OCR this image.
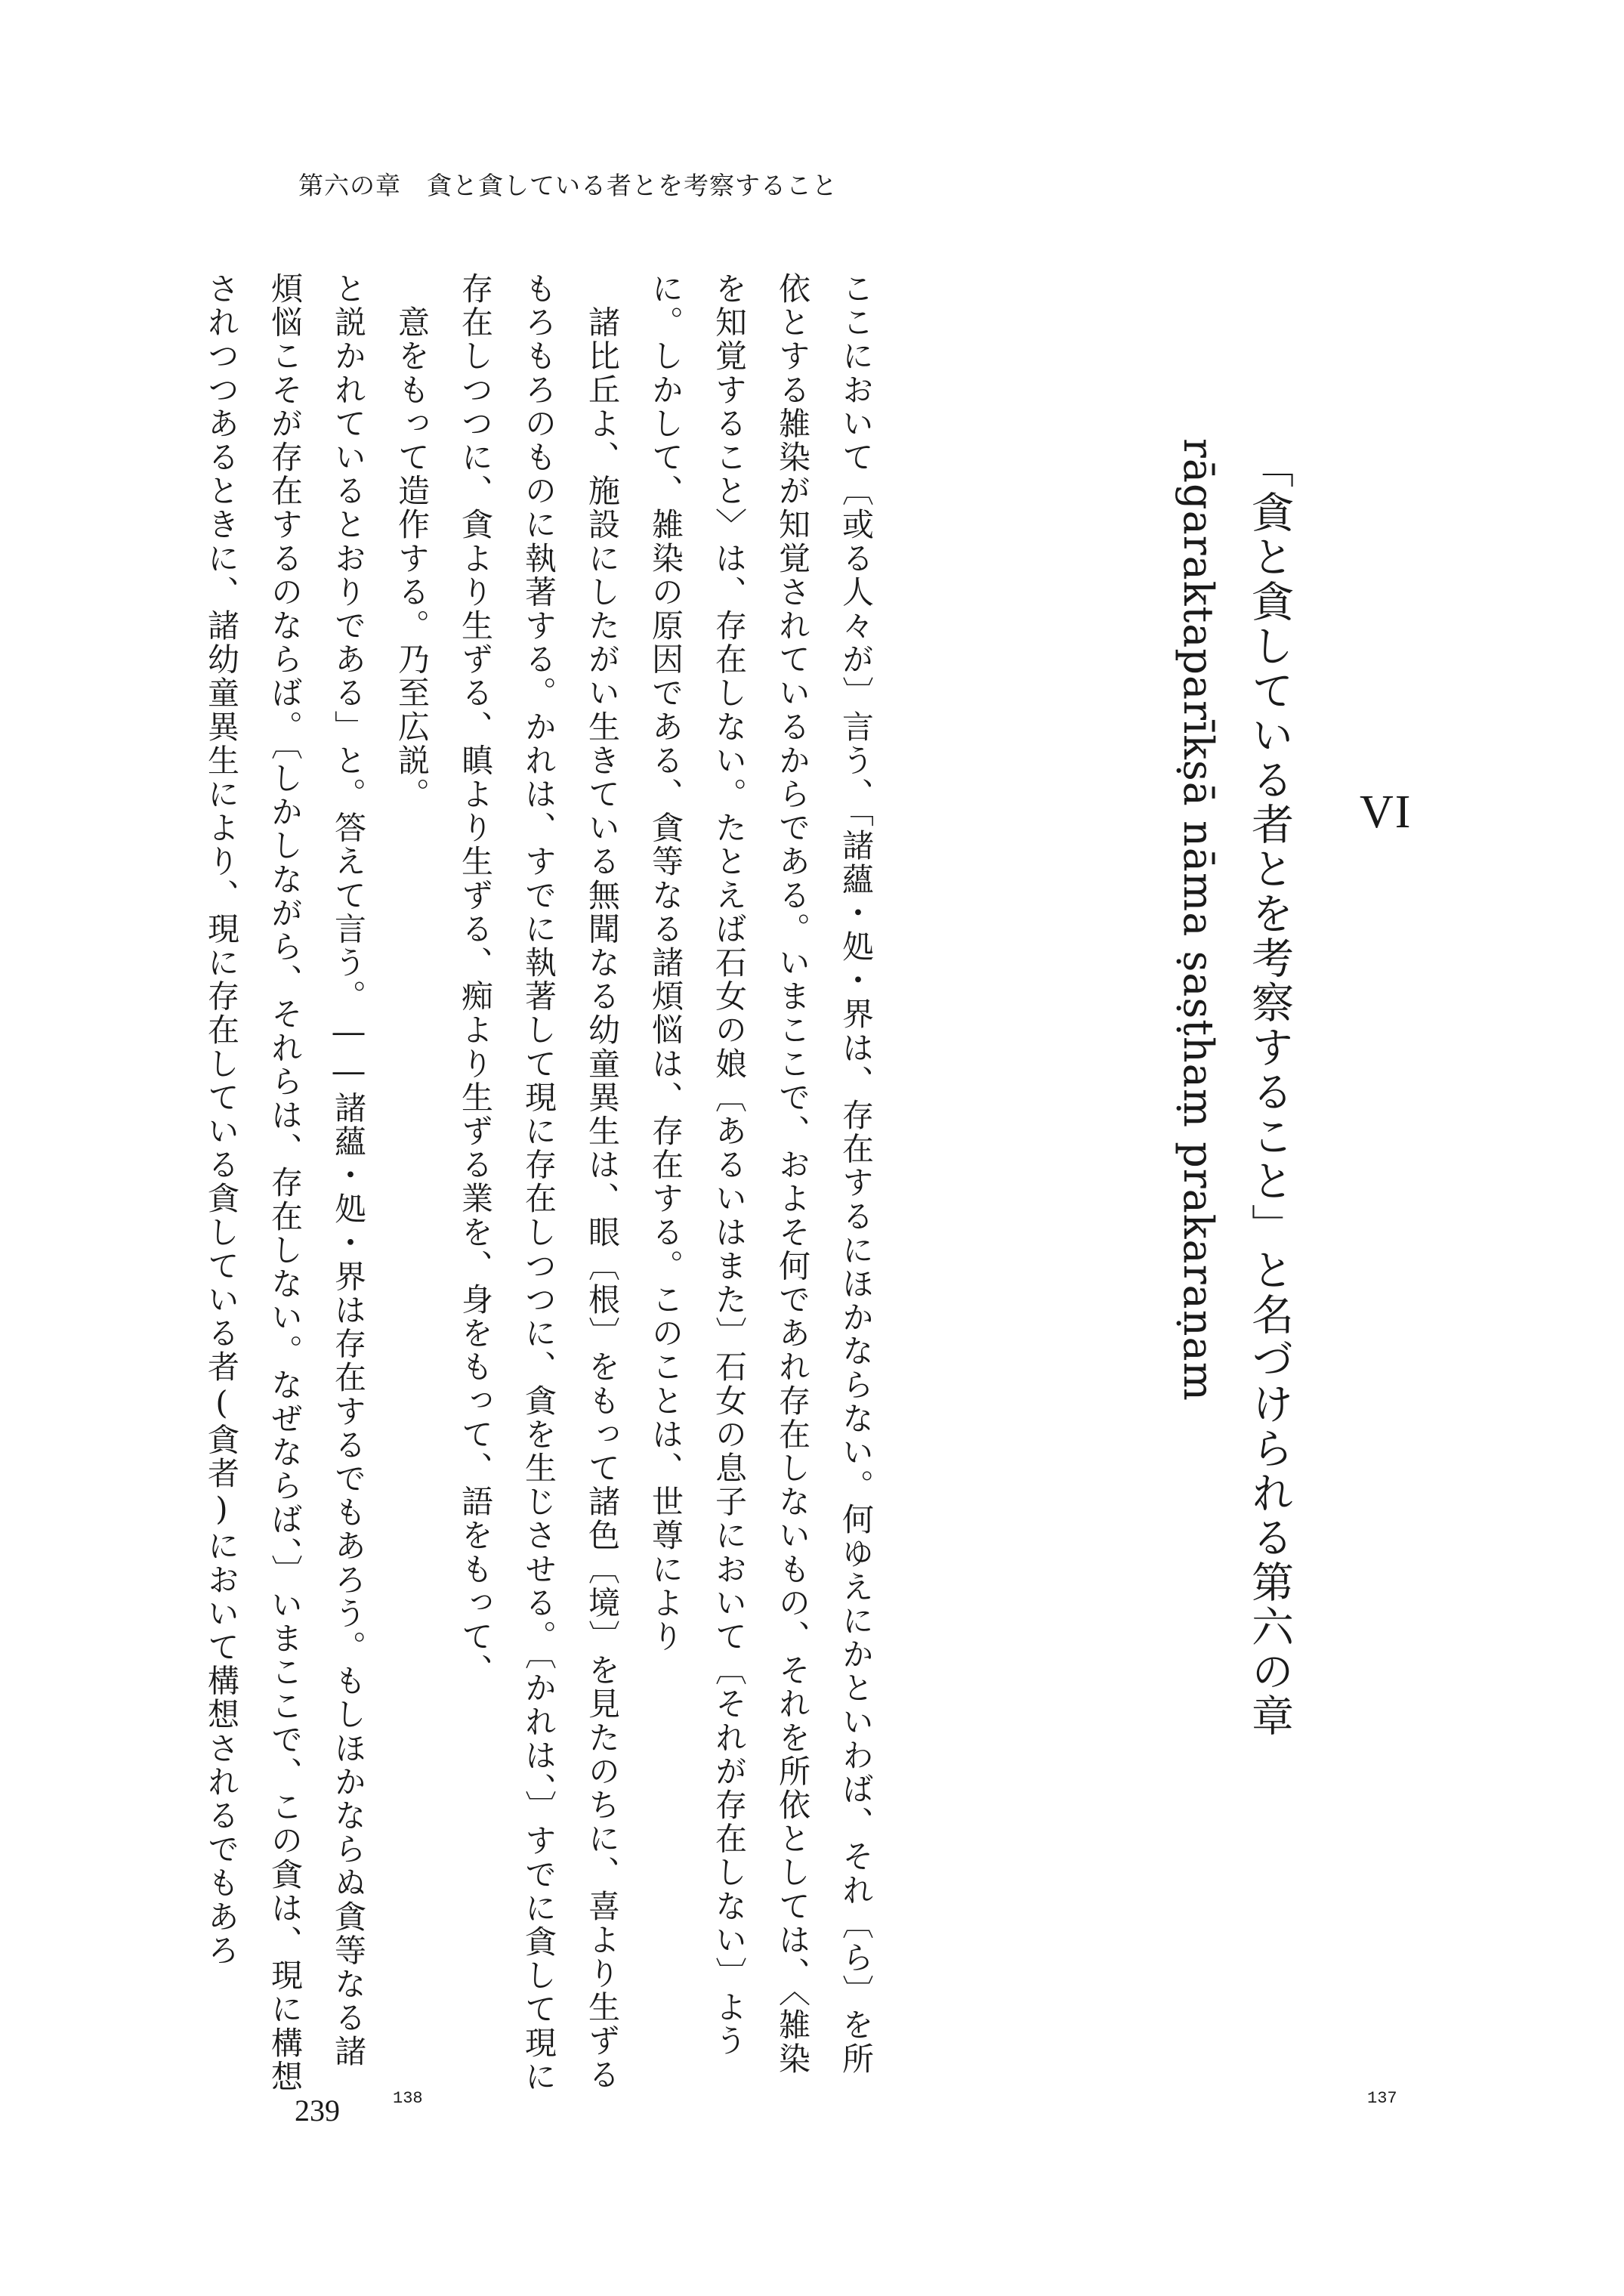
第六の章　貪と貪している者とを考察すること
VI
「貪と貪している者とを考察すること」と名づけられる第六の章
rāgaraktaparīkṣā nāma ṣaṣṭhaṃ prakaraṇam

ここにおいて〔或る人々が〕言う、「諸蘊・処・界は、存在するにほかならない。何ゆえにかといわば、それ〔ら〕を所依とする雑染が知覚されているからである。いまここで、およそ何であれ存在しないもの、それを所依としては、〈雑染を知覚すること〉は、存在しない。たとえば石女の娘〔あるいはまた〕石女の息子において〔それが存在しない〕ように。しかして、雑染の原因である、貪等なる諸煩悩は、存在する。このことは、世尊により

　諸比丘よ、施設にしたがい生きている無聞なる幼童異生は、眼〔根〕をもって諸色〔境〕を見たのちに、喜より生ずるもろもろのものに執著する。かれは、すでに執著して現に存在しつつに、貪を生じさせる。〔かれは、〕すでに貪して現に存在しつつに、貪より生ずる、瞋より生ずる、痴より生ずる業を、身をもって、語をもって、

　意をもって造作する。乃至広説。

と説かれているとおりである」と。答えて言う。――諸蘊・処・界は存在するでもあろう。もしほかならぬ貪等なる諸煩悩こそが存在するのならば。〔しかしながら、それらは、存在しない。なぜならば、〕いまここで、この貪は、現に構想されつつあるときに、諸幼童異生により、現に存在している貪している者(貪者)において構想されるでもあろ

138	137
239
